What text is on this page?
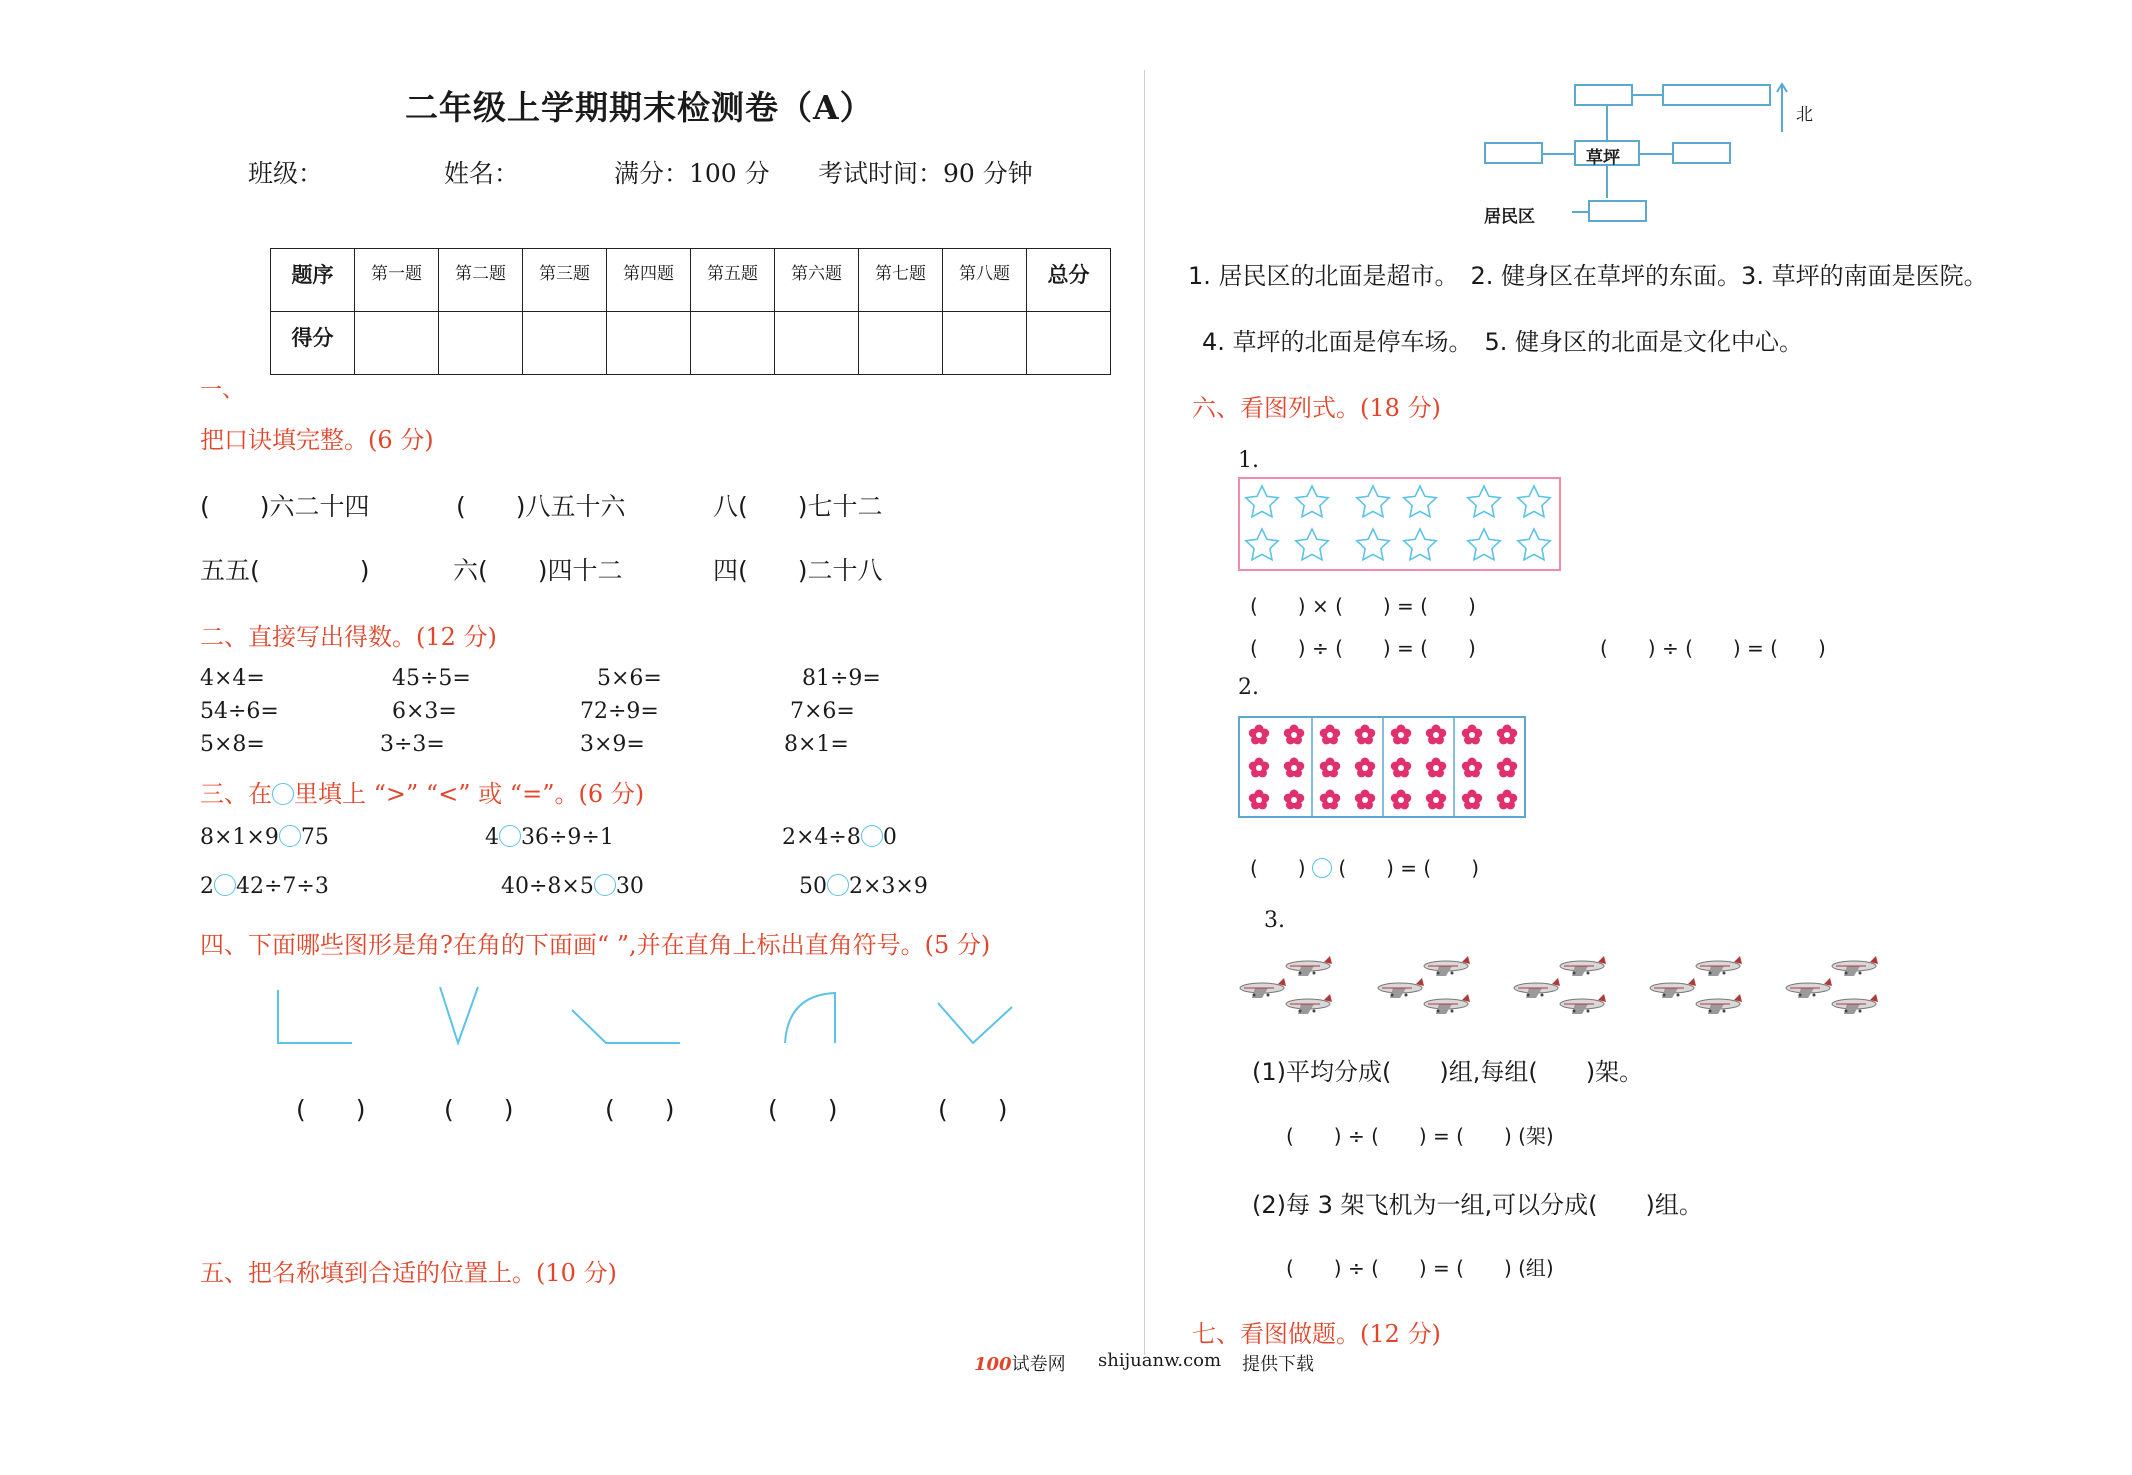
二年级上学期期末检测卷（A）
班级：	姓名：	满分：100 分 考试时间：90 分钟
题序	第一题	第二题	第三题	第四题	第五题	第六题	第七题	第八题	总分
得分									
一、
把口诀填完整。(6 分)
(　　)六二十四	(　　)八五十六	八(　　)七十二
五五(　　　　)	六(　　)四十二	四(　　)二十八
二、直接写出得数。(12 分)
4×4=	45÷5=	5×6=	81÷9=
54÷6=	6×3=	72÷9=	7×6=
5×8=	3÷3=	3×9=	8×1=
三、在 里填上 “>” “<” 或 “=”。(6 分)
8×1×9 75	4 36÷9÷1	2×4÷8 0
2 42÷7÷3	40÷8×5 30	50 2×3×9
四、下面哪些图形是角?在角的下面画“ ”,并在直角上标出直角符号。(5 分)
(　　)	(　　)	(　　)	(　　)	(　　)
五、把名称填到合适的位置上。(10 分)
草坪
居民区
北
1. 居民区的北面是超市。　2. 健身区在草坪的东面。3. 草坪的南面是医院。
4. 草坪的北面是停车场。　5. 健身区的北面是文化中心。
六、看图列式。(18 分)
1.
(　　) × (　　) = (　　)
(　　) ÷ (　　) = (　　)	(　　) ÷ (　　) = (　　)
2.
(　　) (　　) = (　　)
3.
(1)平均分成(　　)组,每组(　　)架。
(　　) ÷ (　　) = (　　) (架)
(2)每 3 架飞机为一组,可以分成(　　)组。
(　　) ÷ (　　) = (　　) (组)
七、看图做题。(12 分)
100试卷网 shijuanw.com 提供下载
